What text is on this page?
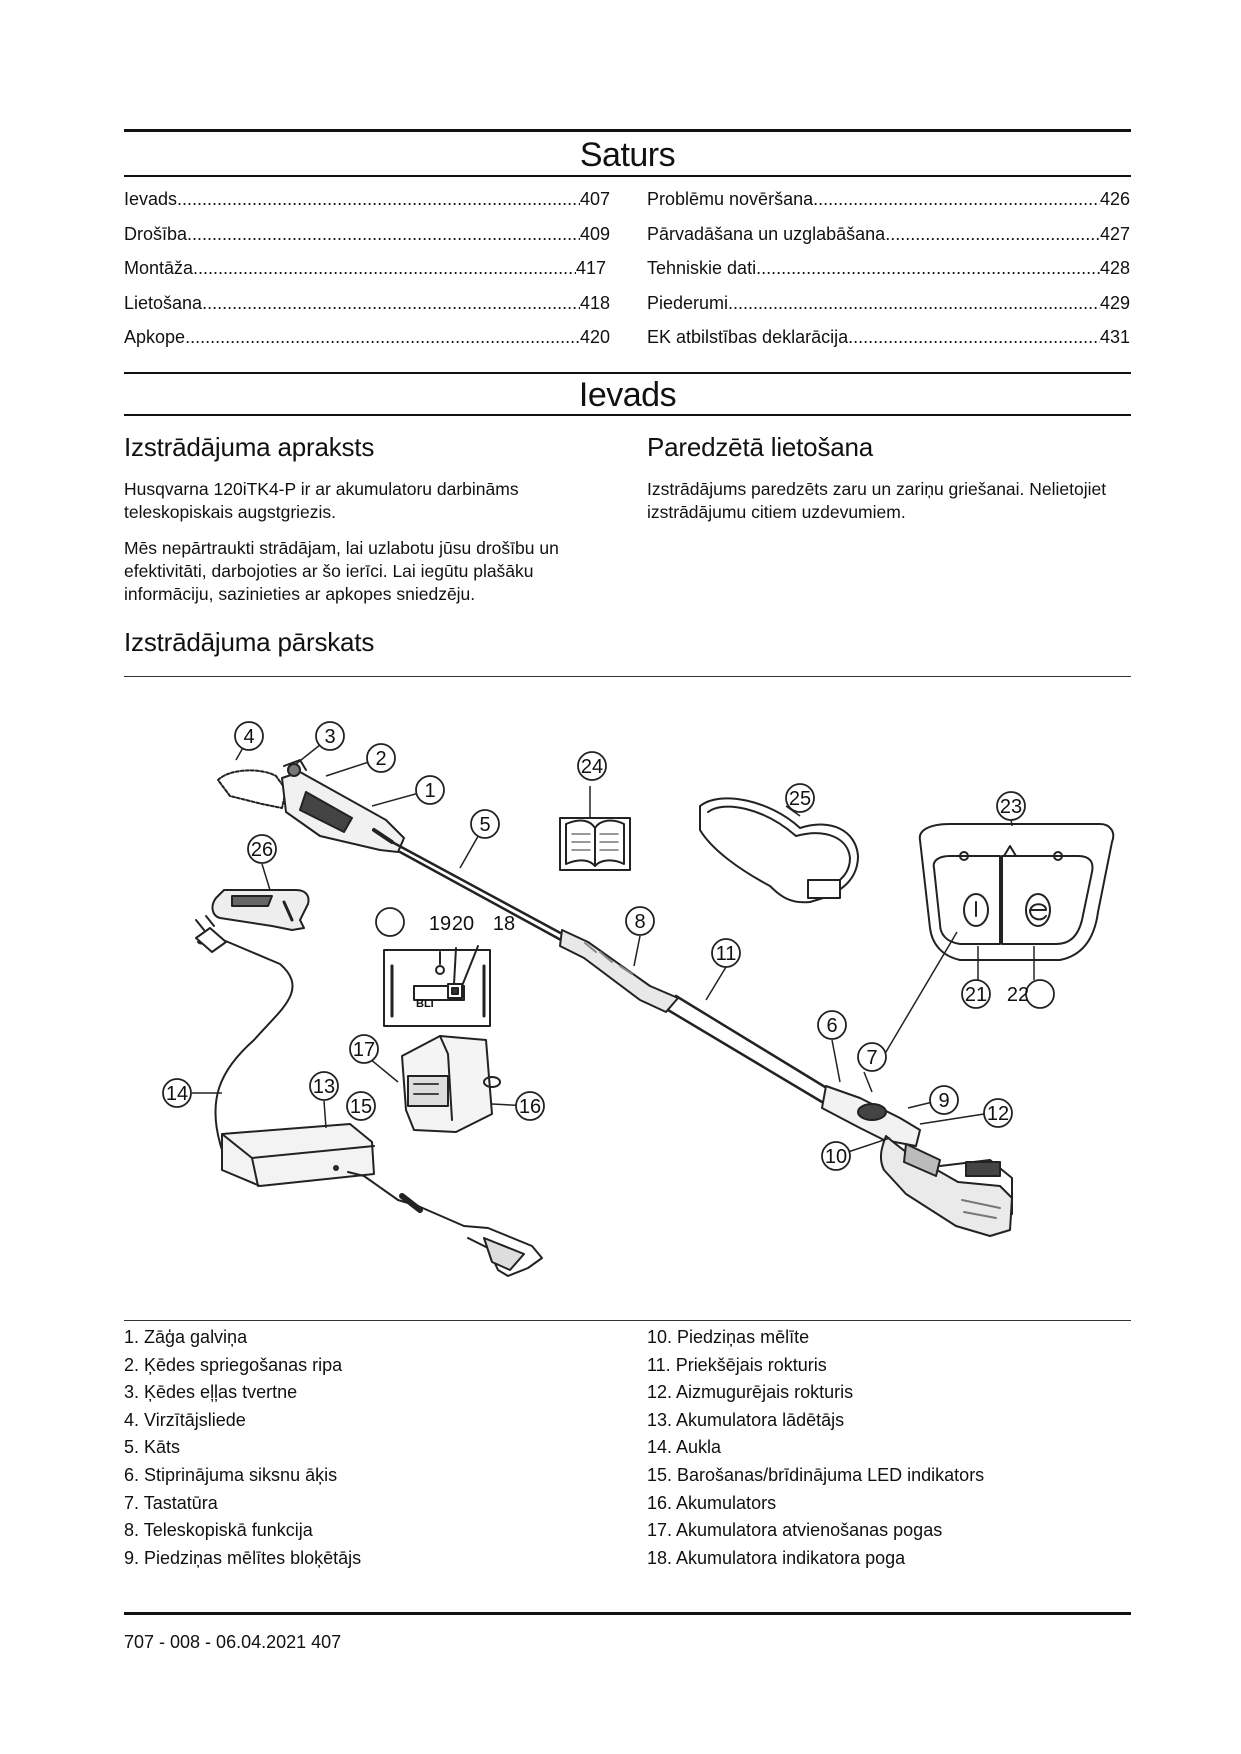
Saturs
Ievads .....	407
Drošība .....	409
Montāža .....	417
Lietošana .....	418
Apkope .....	420
Problēmu novēršana .....	426
Pārvadāšana un uzglabāšana .....	427
Tehniskie dati .....	428
Piederumi .....	429
EK atbilstības deklarācija .....	431
Ievads
Izstrādājuma apraksts

Husqvarna 120iTK4-P ir ar akumulatoru darbināms teleskopiskais augstgriezis.

Mēs nepārtraukti strādājam, lai uzlabotu jūsu drošību un efektivitāti, darbojoties ar šo ierīci. Lai iegūtu plašāku informāciju, sazinieties ar apkopes sniedzēju.

Paredzētā lietošana

Izstrādājums paredzēts zaru un zariņu griešanai. Nelietojiet izstrādājumu citiem uzdevumiem.

Izstrādājuma pārskats
1
2
3
4
5
6
7
8
9
10
11
12
13
14
15	16
17
18
19 20
21 22
23
24
25
26
BLI
1. Zāģa galviņa
2. Ķēdes spriegošanas ripa
3. Ķēdes eļļas tvertne
4. Virzītājsliede
5. Kāts
6. Stiprinājuma siksnu āķis
7. Tastatūra
8. Teleskopiskā funkcija
9. Piedziņas mēlītes bloķētājs
10. Piedziņas mēlīte
11. Priekšējais rokturis
12. Aizmugurējais rokturis
13. Akumulatora lādētājs
14. Aukla
15. Barošanas/brīdinājuma LED indikators
16. Akumulators
17. Akumulatora atvienošanas pogas
18. Akumulatora indikatora poga
707 - 008 - 06.04.2021 407
